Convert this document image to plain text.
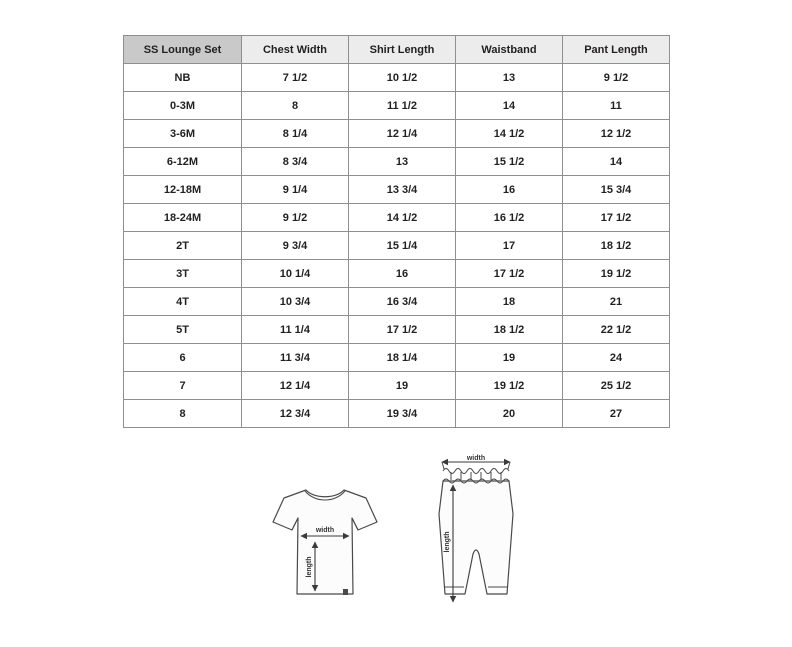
SS Lounge Set	Chest Width	Shirt Length	Waistband	Pant Length
NB	7 1/2	10 1/2	13	9 1/2
0-3M	8	11 1/2	14	11
3-6M	8 1/4	12 1/4	14 1/2	12 1/2
6-12M	8 3/4	13	15 1/2	14
12-18M	9 1/4	13 3/4	16	15 3/4
18-24M	9 1/2	14 1/2	16 1/2	17 1/2
2T	9 3/4	15 1/4	17	18 1/2
3T	10 1/4	16	17 1/2	19 1/2
4T	10 3/4	16 3/4	18	21
5T	11 1/4	17 1/2	18 1/2	22 1/2
6	11 3/4	18 1/4	19	24
7	12 1/4	19	19 1/2	25 1/2
8	12 3/4	19 3/4	20	27
width
length
width
length
